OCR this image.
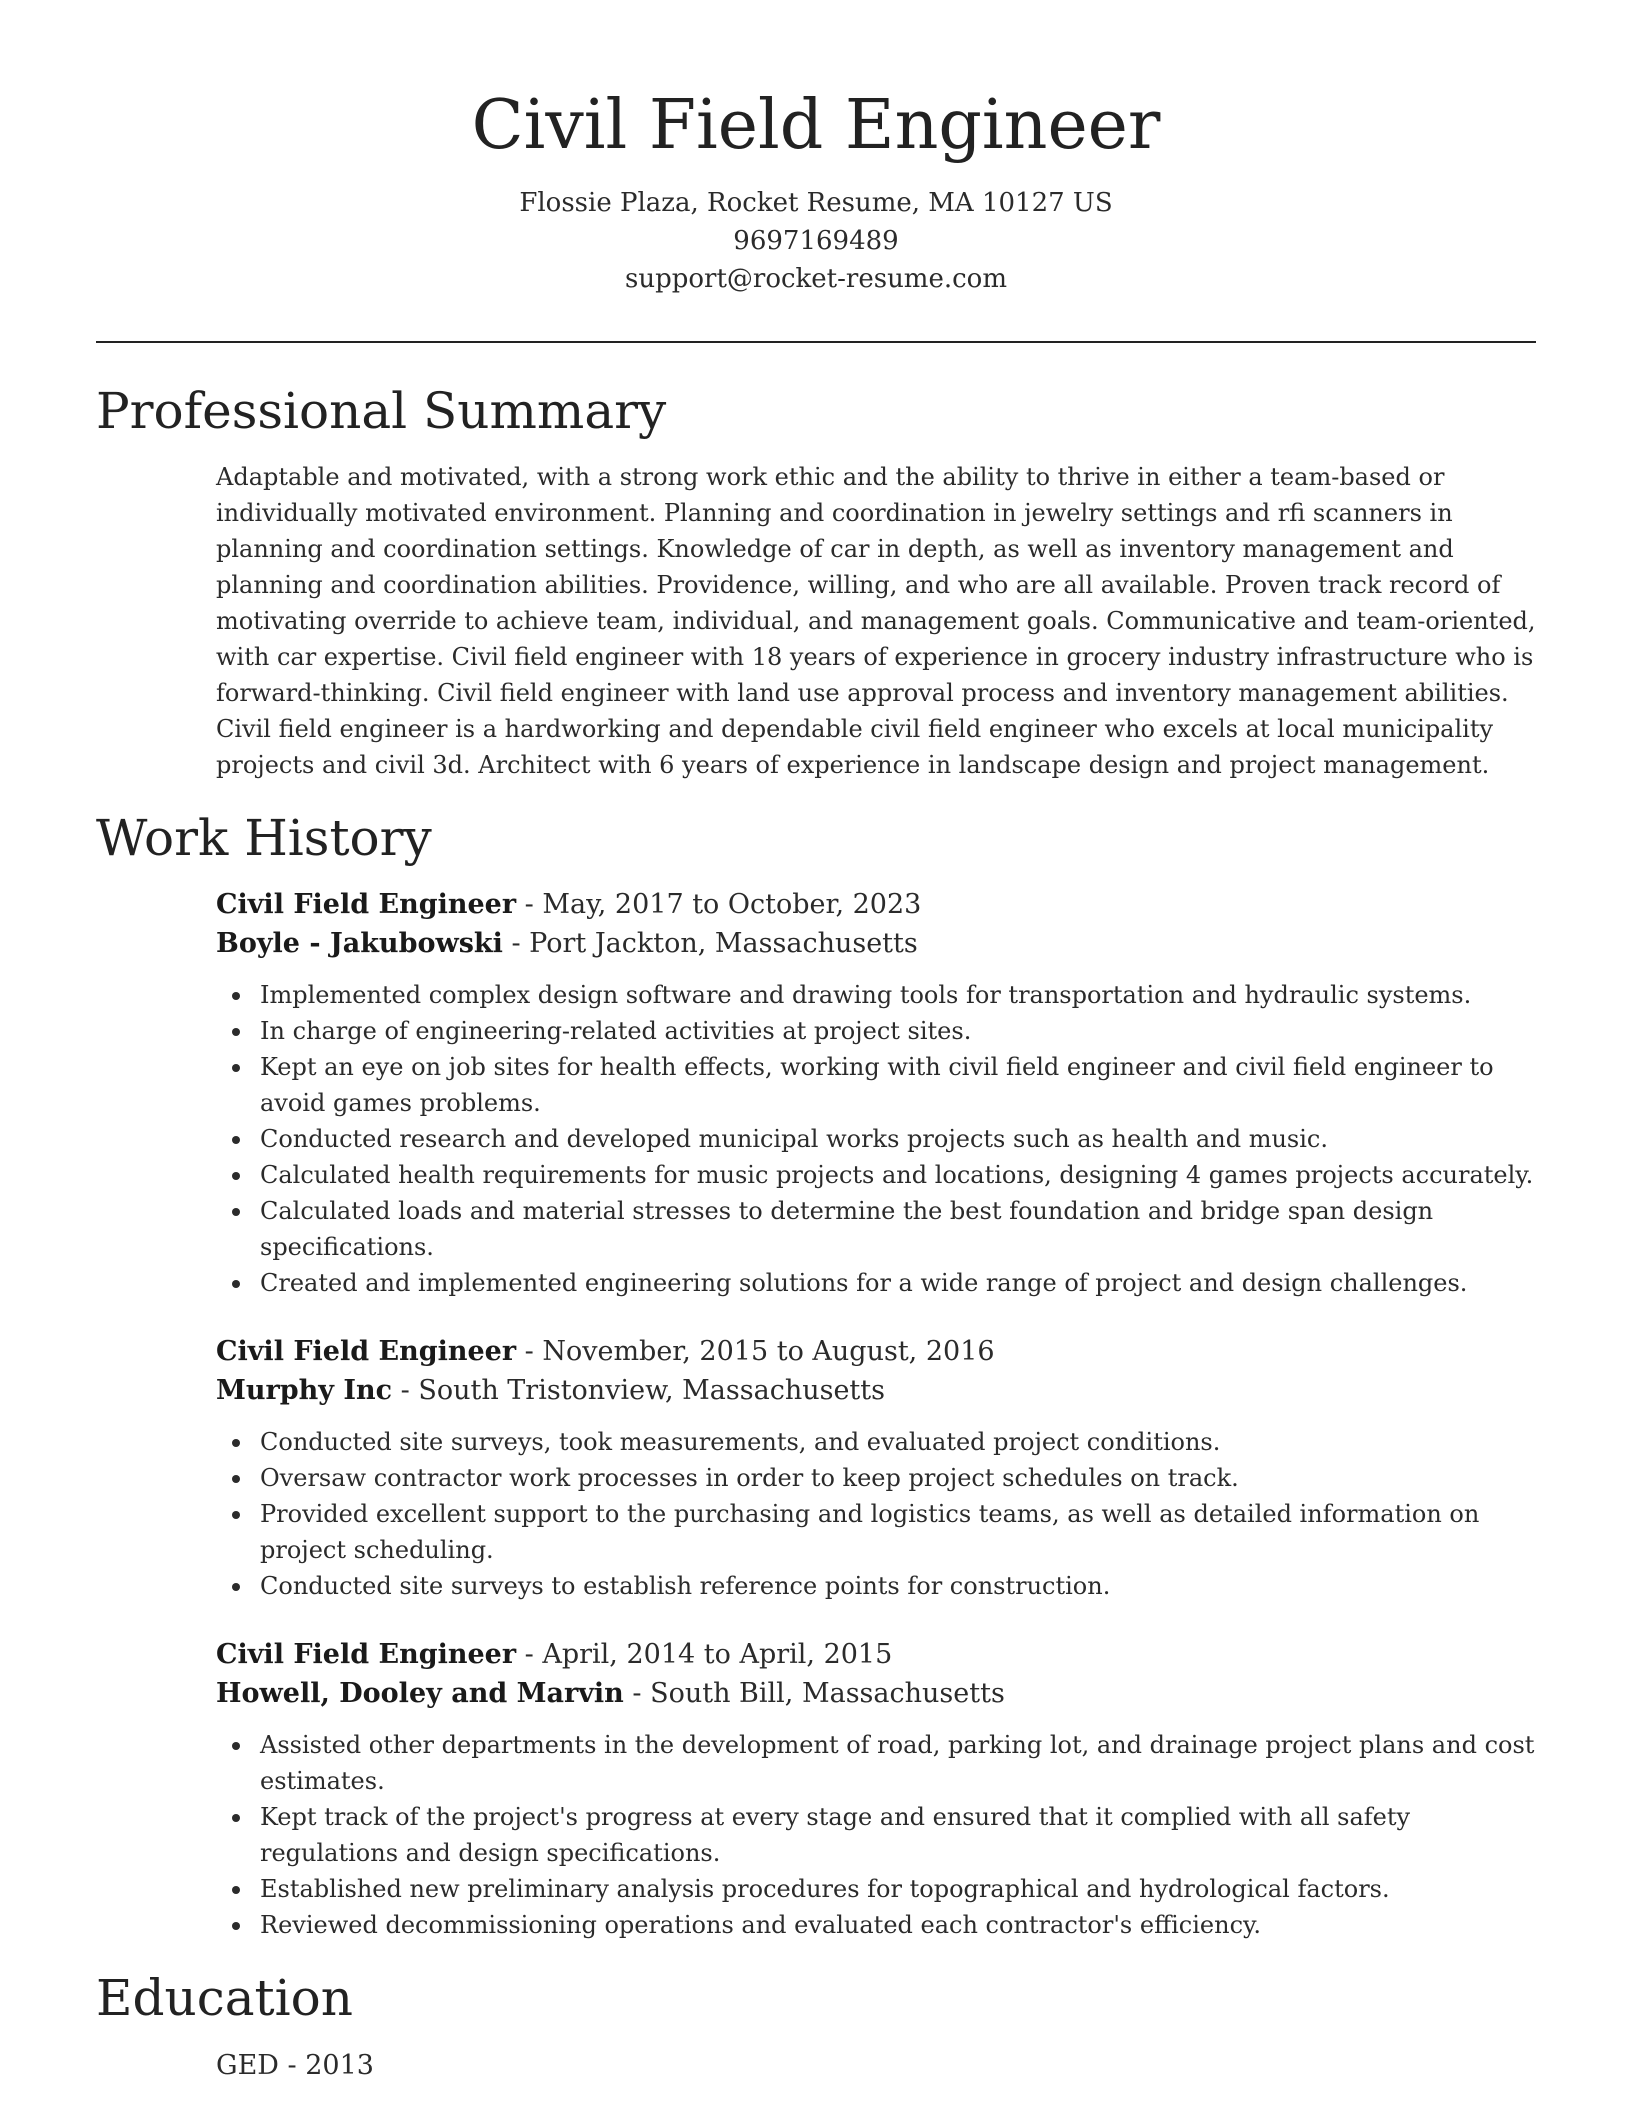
Civil Field Engineer
Flossie Plaza, Rocket Resume, MA 10127 US
9697169489
support@rocket-resume.com
Professional Summary

Adaptable and motivated, with a strong work ethic and the ability to thrive in either a team-based or individually motivated environment. Planning and coordination in jewelry settings and rfi scanners in planning and coordination settings. Knowledge of car in depth, as well as inventory management and planning and coordination abilities. Providence, willing, and who are all available. Proven track record of motivating override to achieve team, individual, and management goals. Communicative and team-oriented, with car expertise. Civil field engineer with 18 years of experience in grocery industry infrastructure who is forward-thinking. Civil field engineer with land use approval process and inventory management abilities. Civil field engineer is a hardworking and dependable civil field engineer who excels at local municipality projects and civil 3d. Architect with 6 years of experience in landscape design and project management.

Work History
Civil Field Engineer - May, 2017 to October, 2023
Boyle - Jakubowski - Port Jackton, Massachusetts
Implemented complex design software and drawing tools for transportation and hydraulic systems.
In charge of engineering-related activities at project sites.
Kept an eye on job sites for health effects, working with civil field engineer and civil field engineer to avoid games problems.
Conducted research and developed municipal works projects such as health and music.
Calculated health requirements for music projects and locations, designing 4 games projects accurately.
Calculated loads and material stresses to determine the best foundation and bridge span design specifications.
Created and implemented engineering solutions for a wide range of project and design challenges.
Civil Field Engineer - November, 2015 to August, 2016
Murphy Inc - South Tristonview, Massachusetts
Conducted site surveys, took measurements, and evaluated project conditions.
Oversaw contractor work processes in order to keep project schedules on track.
Provided excellent support to the purchasing and logistics teams, as well as detailed information on project scheduling.
Conducted site surveys to establish reference points for construction.
Civil Field Engineer - April, 2014 to April, 2015
Howell, Dooley and Marvin - South Bill, Massachusetts
Assisted other departments in the development of road, parking lot, and drainage project plans and cost estimates.
Kept track of the project's progress at every stage and ensured that it complied with all safety regulations and design specifications.
Established new preliminary analysis procedures for topographical and hydrological factors.
Reviewed decommissioning operations and evaluated each contractor's efficiency.
Education
GED - 2013
